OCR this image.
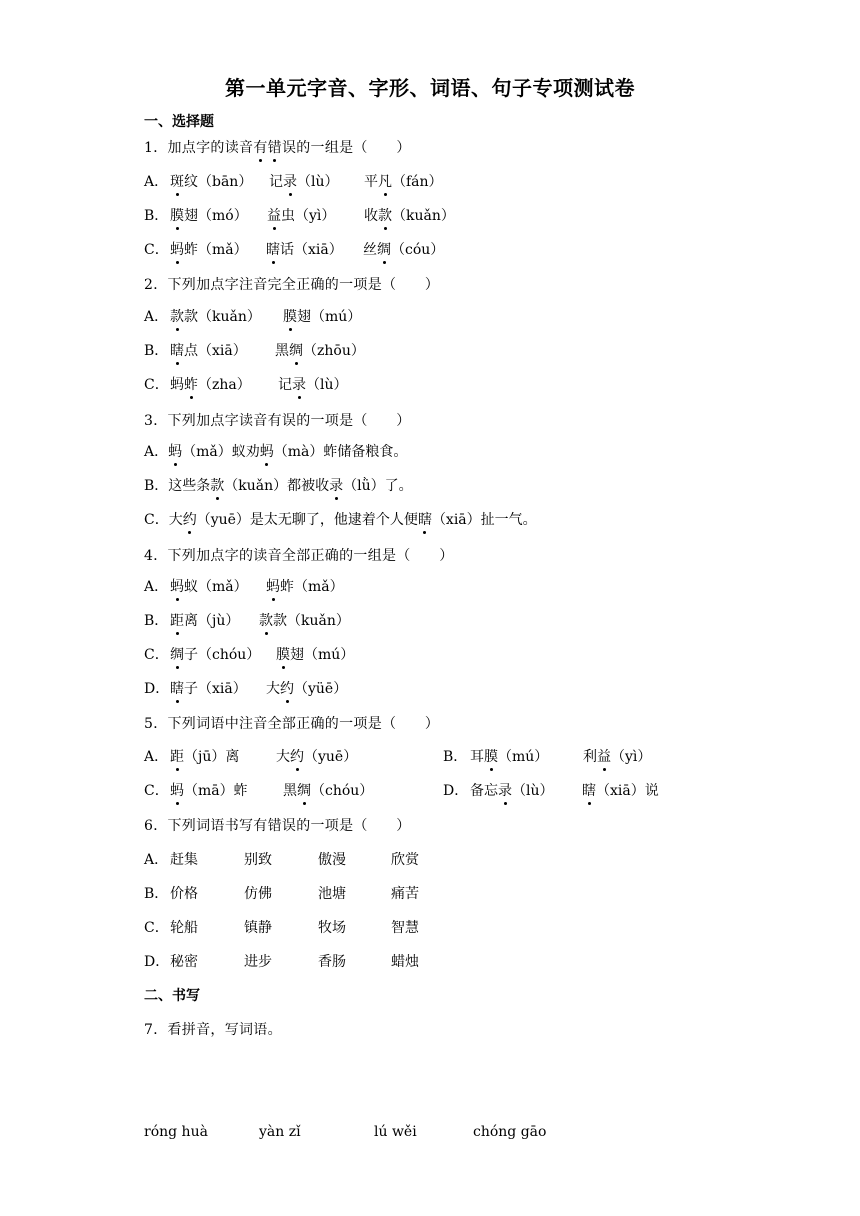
第一单元字音、字形、词语、句子专项测试卷
一、选择题
1．加点字的读音有错误的一组是（　　）
A． 斑纹（bān） 记录（lù） 平凡（fán）
B． 膜翅（mó） 益虫（yì） 收款（kuǎn）
C． 蚂蚱（mǎ） 瞎话（xiā） 丝绸（cóu）
2．下列加点字注音完全正确的一项是（　　）
A． 款款（kuǎn） 膜翅（mú）
B． 瞎点（xiā） 黑绸（zhōu）
C． 蚂蚱（zha） 记录（lù）
3．下列加点字读音有误的一项是（　　）
A．蚂（mǎ）蚁劝蚂（mà）蚱储备粮食。
B．这些条款（kuǎn）都被收录（lǜ）了。
C．大约（yuē）是太无聊了，他逮着个人便瞎（xiā）扯一气。
4．下列加点字的读音全部正确的一组是（　　）
A． 蚂蚁（mǎ） 蚂蚱（mǎ）
B． 距离（jù） 款款（kuǎn）
C． 绸子（chóu） 膜翅（mú）
D． 瞎子（xiā） 大约（yüē）
5．下列词语中注音全部正确的一项是（　　）
A． 距（jū）离	大约（yuē）	B． 耳膜（mú） 利益（yì）
C． 蚂（mā）蚱	黑绸（chóu）	D． 备忘录（lù） 瞎（xiā）说
6．下列词语书写有错误的一项是（　　）
A． 赶集	别致	傲漫	欣赏
B． 价格	仿佛	池塘	痛苦
C． 轮船	镇静	牧场	智慧
D． 秘密	进步	香肠	蜡烛
二、书写
7．看拼音，写词语。
róng huà	yàn zǐ	lú wěi	chóng gāo
